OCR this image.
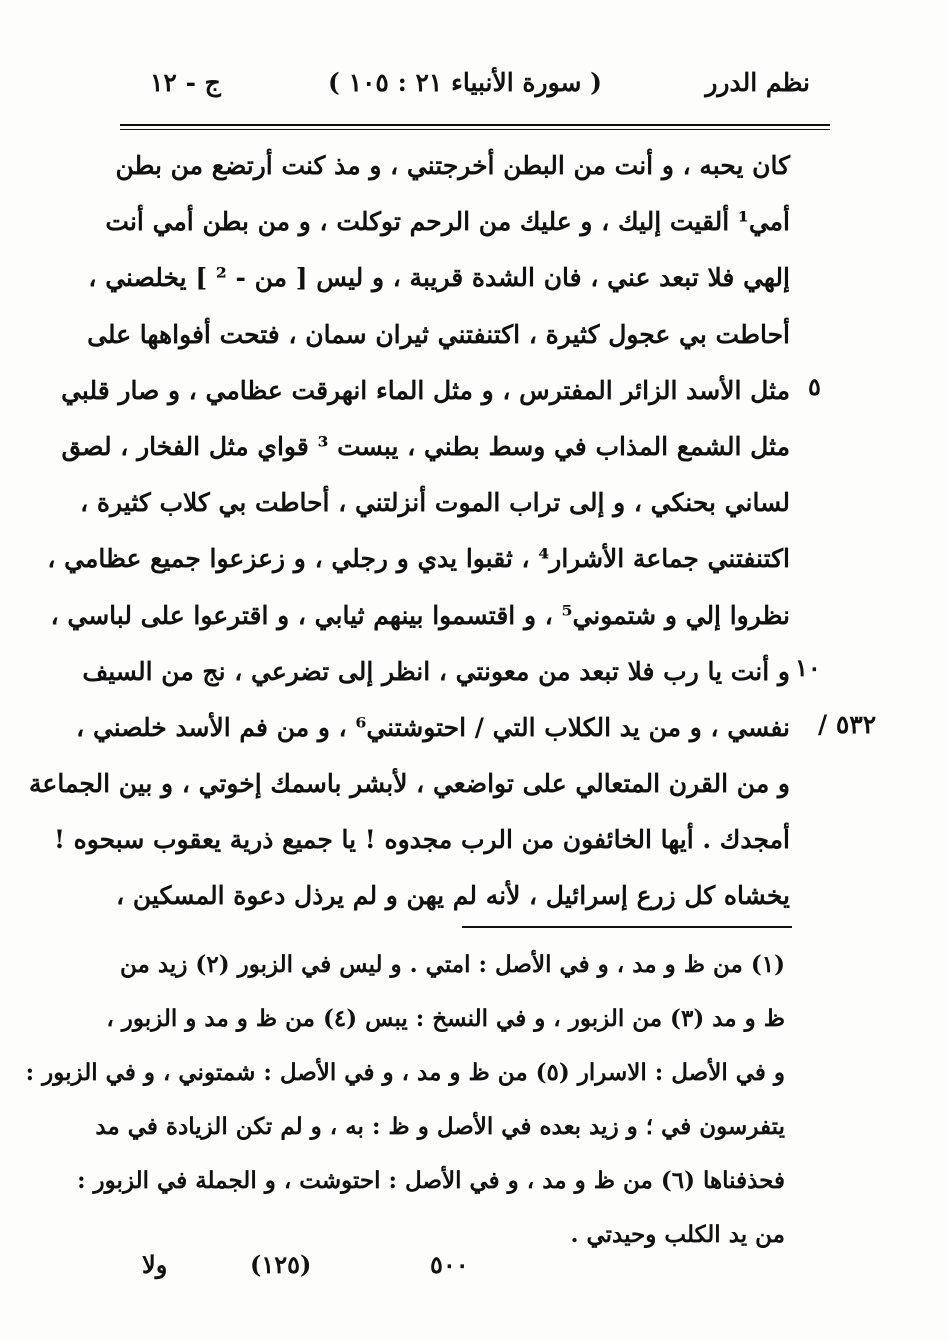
نظم الدرر
( سورة الأنبياء ٢١ : ١٠٥ )
ج - ١٢
كان يحبه ، و أنت من البطن أخرجتني ، و مذ كنت أرتضع من بطن
أمي¹ ألقيت إليك ، و عليك من الرحم توكلت ، و من بطن أمي أنت
إلهي فلا تبعد عني ، فان الشدة قريبة ، و ليس [ من - ² ] يخلصني ،
أحاطت بي عجول كثيرة ، اكتنفتني ثيران سمان ، فتحت أفواهها على
مثل الأسد الزائر المفترس ، و مثل الماء انهرقت عظامي ، و صار قلبي
مثل الشمع المذاب في وسط بطني ، يبست ³ قواي مثل الفخار ، لصق
لساني بحنكي ، و إلى تراب الموت أنزلتني ، أحاطت بي كلاب كثيرة ،
اكتنفتني جماعة الأشرار⁴ ، ثقبوا يدي و رجلي ، و زعزعوا جميع عظامي ،
نظروا إلي و شتموني⁵ ، و اقتسموا بينهم ثيابي ، و اقترعوا على لباسي ،
و أنت يا رب فلا تبعد من معونتي ، انظر إلى تضرعي ، نج من السيف
نفسي ، و من يد الكلاب التي / احتوشتني⁶ ، و من فم الأسد خلصني ،
و من القرن المتعالي على تواضعي ، لأبشر باسمك إخوتي ، و بين الجماعة
أمجدك . أيها الخائفون من الرب مجدوه ! يا جميع ذرية يعقوب سبحوه !
يخشاه كل زرع إسرائيل ، لأنه لم يهن و لم يرذل دعوة المسكين ،
٥
١٠
٥٣٢ /
(١) من ظ و مد ، و في الأصل : امتي . و ليس في الزبور (٢) زيد من
ظ و مد (٣) من الزبور ، و في النسخ : يبس (٤) من ظ و مد و الزبور ،
و في الأصل : الاسرار (٥) من ظ و مد ، و في الأصل : شمتوني ، و في الزبور :
يتفرسون في ؛ و زيد بعده في الأصل و ظ : به ، و لم تكن الزيادة في مد
فحذفناها (٦) من ظ و مد ، و في الأصل : احتوشت ، و الجملة في الزبور :
من يد الكلب وحيدتي .
٥٠٠
(١٢٥)
ولا
